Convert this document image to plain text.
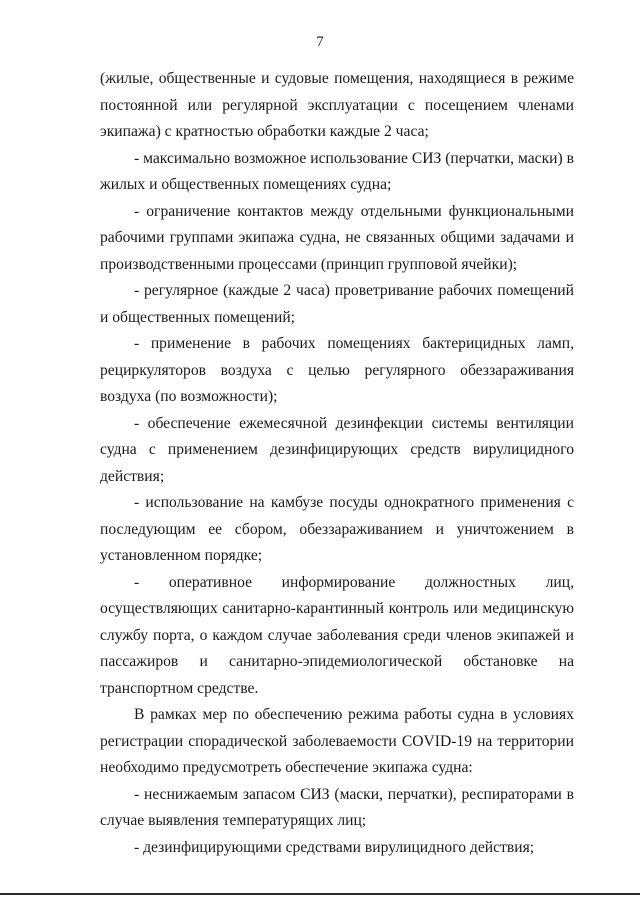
7

(жилые, общественные и судовые помещения, находящиеся в режиме постоянной или регулярной эксплуатации с посещением членами экипажа) с кратностью обработки каждые 2 часа;

- максимально возможное использование СИЗ (перчатки, маски) в жилых и общественных помещениях судна;

- ограничение контактов между отдельными функциональными рабочими группами экипажа судна, не связанных общими задачами и производственными процессами (принцип групповой ячейки);

- регулярное (каждые 2 часа) проветривание рабочих помещений и общественных помещений;

- применение в рабочих помещениях бактерицидных ламп, рециркуляторов воздуха с целью регулярного обеззараживания воздуха (по возможности);

- обеспечение ежемесячной дезинфекции системы вентиляции судна с применением дезинфицирующих средств вирулицидного действия;

- использование на камбузе посуды однократного применения с последующим ее сбором, обеззараживанием и уничтожением в установленном порядке;

- оперативное информирование должностных лиц, осуществляющих санитарно-карантинный контроль или медицинскую службу порта, о каждом случае заболевания среди членов экипажей и пассажиров и санитарно-эпидемиологической обстановке на транспортном средстве.

В рамках мер по обеспечению режима работы судна в условиях регистрации спорадической заболеваемости COVID-19 на территории необходимо предусмотреть обеспечение экипажа судна:

- неснижаемым запасом СИЗ (маски, перчатки), респираторами в случае выявления температурящих лиц;

- дезинфицирующими средствами вирулицидного действия;
